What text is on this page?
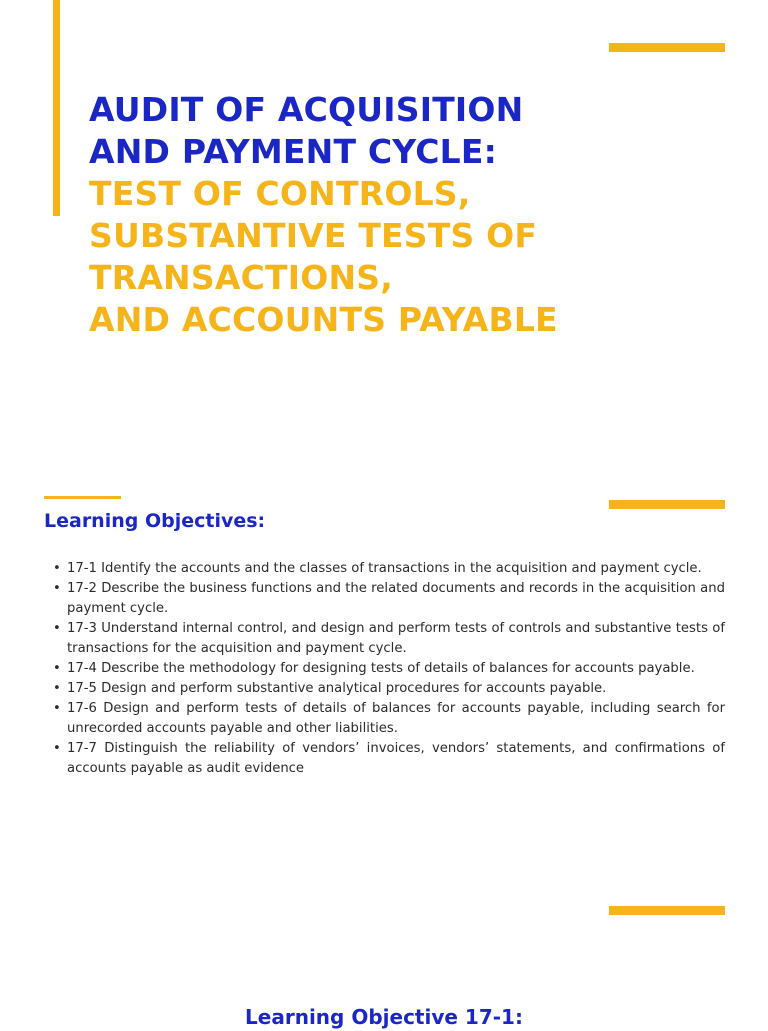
AUDIT OF ACQUISITION
AND PAYMENT CYCLE:
TEST OF CONTROLS,
SUBSTANTIVE TESTS OF
TRANSACTIONS,
AND ACCOUNTS PAYABLE
Learning Objectives:
• 17-1 Identify the accounts and the classes of transactions in the acquisition and payment cycle.
• 17-2 Describe the business functions and the related documents and records in the acquisition and payment cycle.
• 17-3 Understand internal control, and design and perform tests of controls and substantive tests of transactions for the acquisition and payment cycle.
• 17-4 Describe the methodology for designing tests of details of balances for accounts payable.
• 17-5 Design and perform substantive analytical procedures for accounts payable.
• 17-6 Design and perform tests of details of balances for accounts payable, including search for unrecorded accounts payable and other liabilities.
• 17-7 Distinguish the reliability of vendors’ invoices, vendors’ statements, and confirmations of accounts payable as audit evidence
Learning Objective 17-1:
